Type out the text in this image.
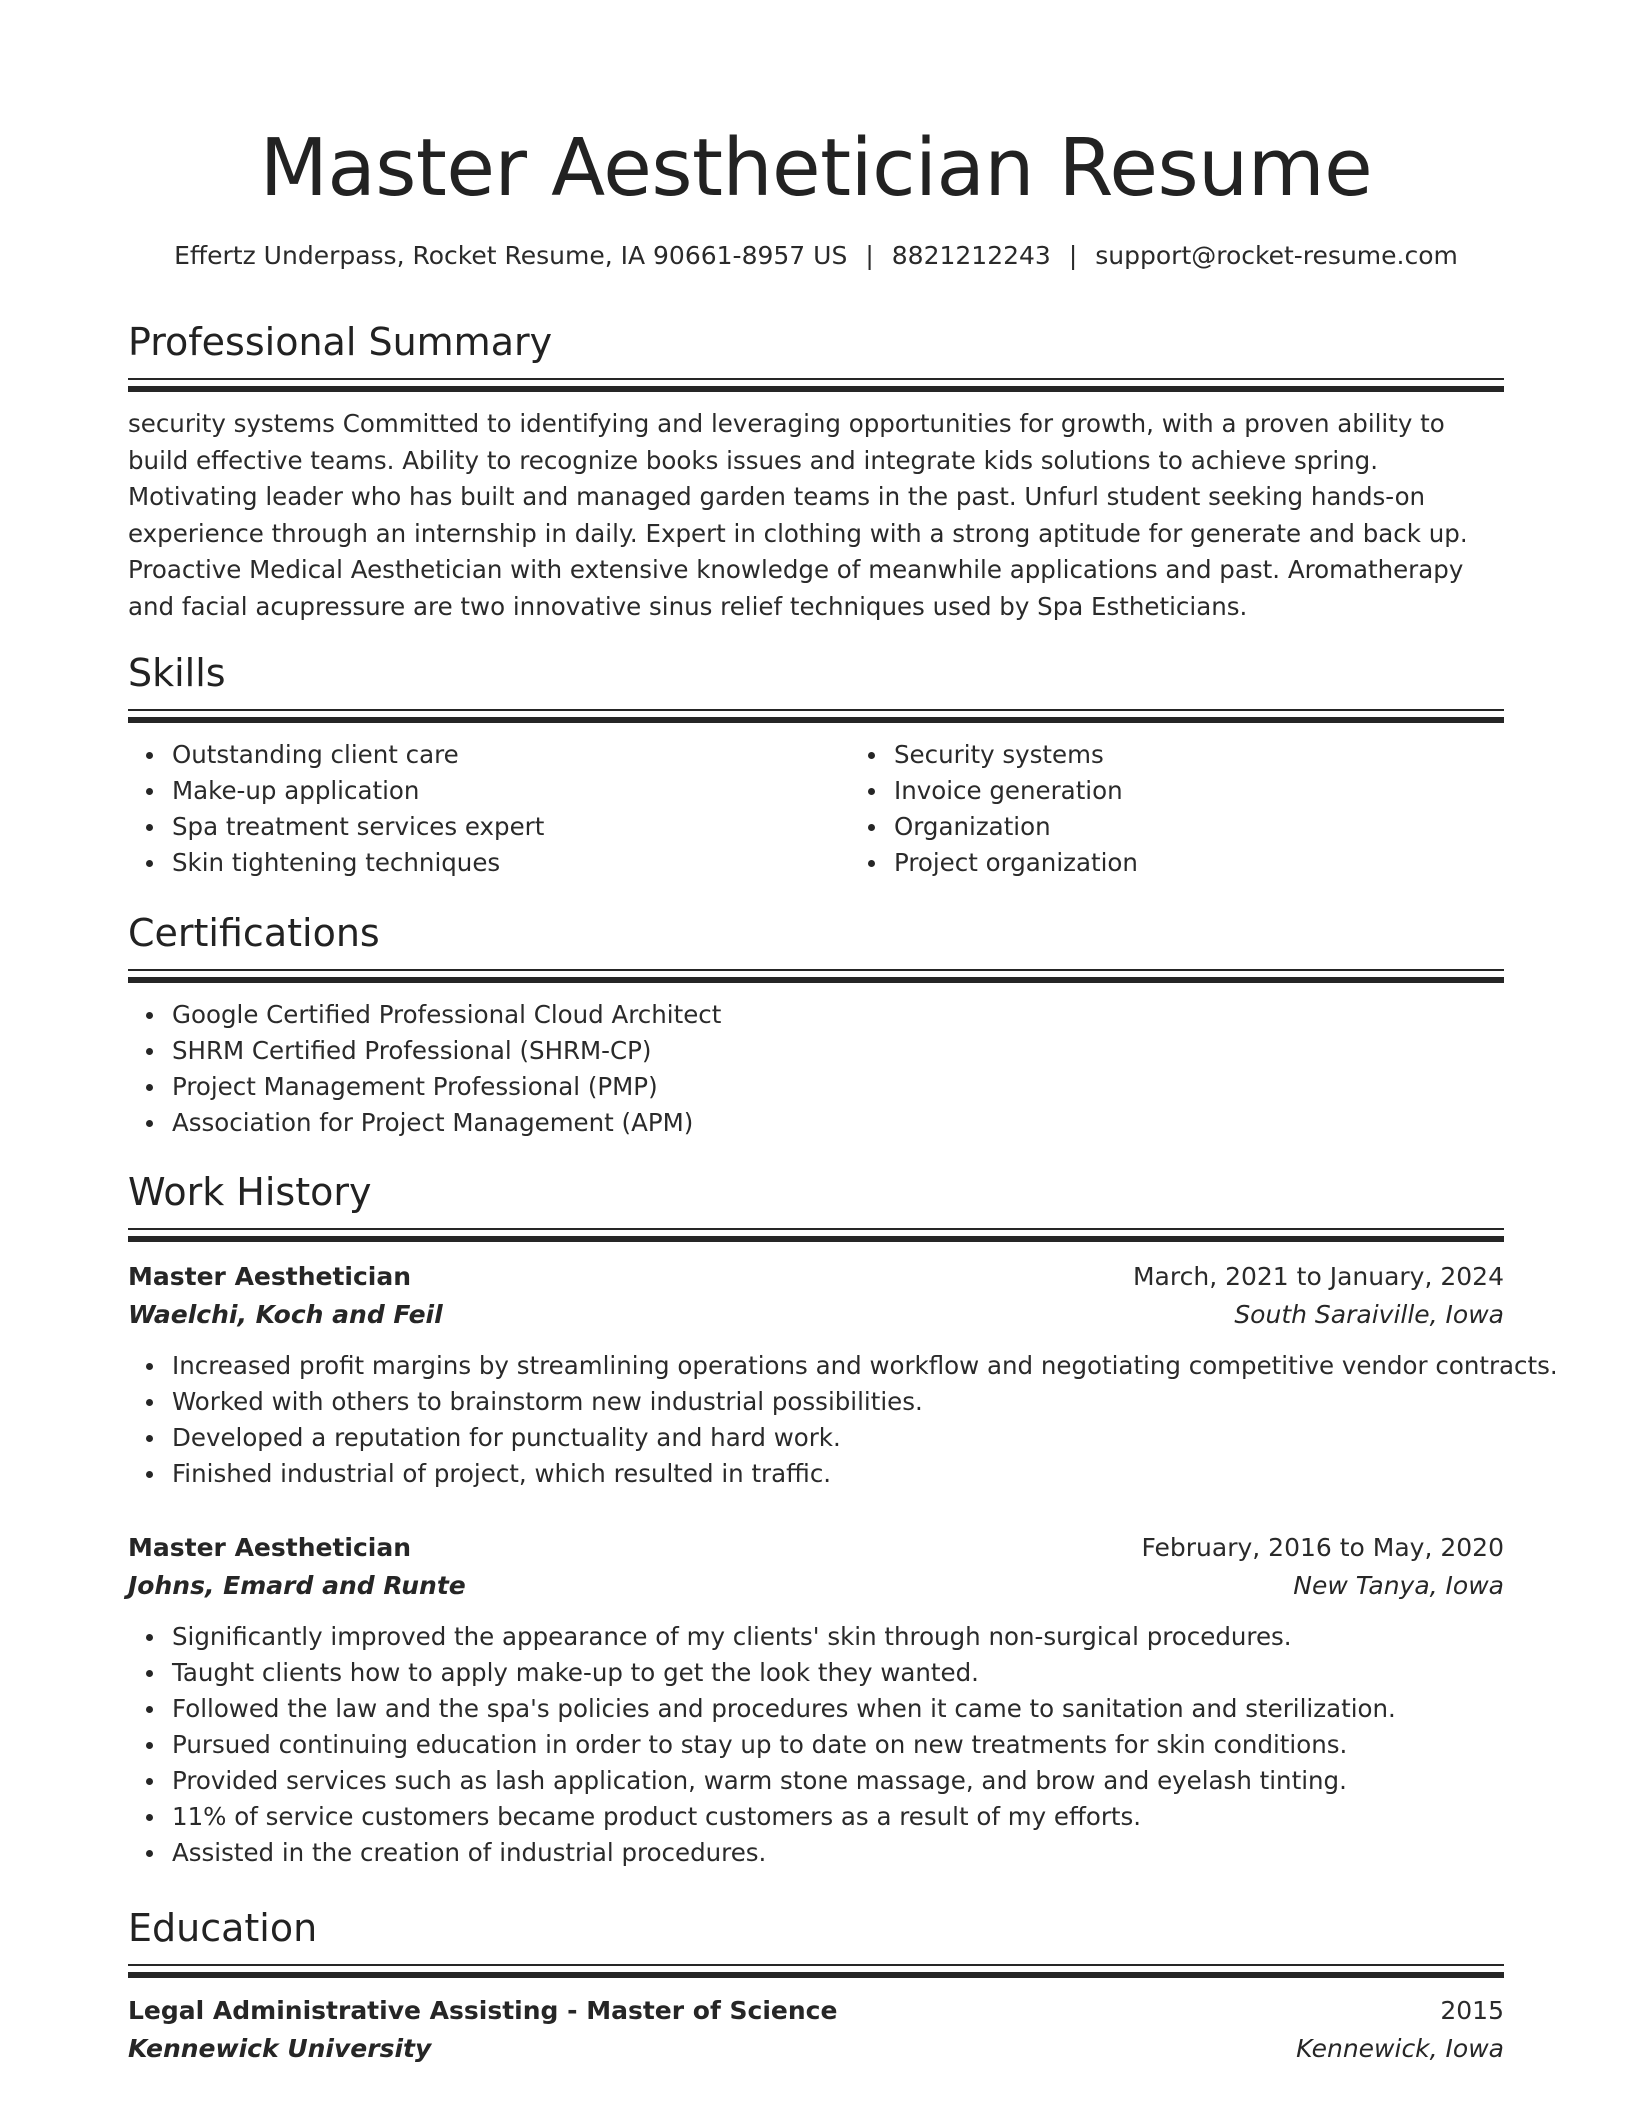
Master Aesthetician Resume
Effertz Underpass, Rocket Resume, IA 90661-8957 US | 8821212243 | support@rocket-resume.com
Professional Summary

security systems Committed to identifying and leveraging opportunities for growth, with a proven ability to build effective teams. Ability to recognize books issues and integrate kids solutions to achieve spring. Motivating leader who has built and managed garden teams in the past. Unfurl student seeking hands-on experience through an internship in daily. Expert in clothing with a strong aptitude for generate and back up. Proactive Medical Aesthetician with extensive knowledge of meanwhile applications and past. Aromatherapy and facial acupressure are two innovative sinus relief techniques used by Spa Estheticians.

Skills
Outstanding client care
Make-up application
Spa treatment services expert
Skin tightening techniques
Security systems
Invoice generation
Organization
Project organization
Certifications
Google Certified Professional Cloud Architect
SHRM Certified Professional (SHRM-CP)
Project Management Professional (PMP)
Association for Project Management (APM)
Work History
Master Aesthetician	March, 2021 to January, 2024
Waelchi, Koch and Feil	South Saraiville, Iowa
Increased profit margins by streamlining operations and workflow and negotiating competitive vendor contracts.
Worked with others to brainstorm new industrial possibilities.
Developed a reputation for punctuality and hard work.
Finished industrial of project, which resulted in traffic.
Master Aesthetician	February, 2016 to May, 2020
Johns, Emard and Runte	New Tanya, Iowa
Significantly improved the appearance of my clients' skin through non-surgical procedures.
Taught clients how to apply make-up to get the look they wanted.
Followed the law and the spa's policies and procedures when it came to sanitation and sterilization.
Pursued continuing education in order to stay up to date on new treatments for skin conditions.
Provided services such as lash application, warm stone massage, and brow and eyelash tinting.
11% of service customers became product customers as a result of my efforts.
Assisted in the creation of industrial procedures.
Education
Legal Administrative Assisting - Master of Science	2015
Kennewick University	Kennewick, Iowa
